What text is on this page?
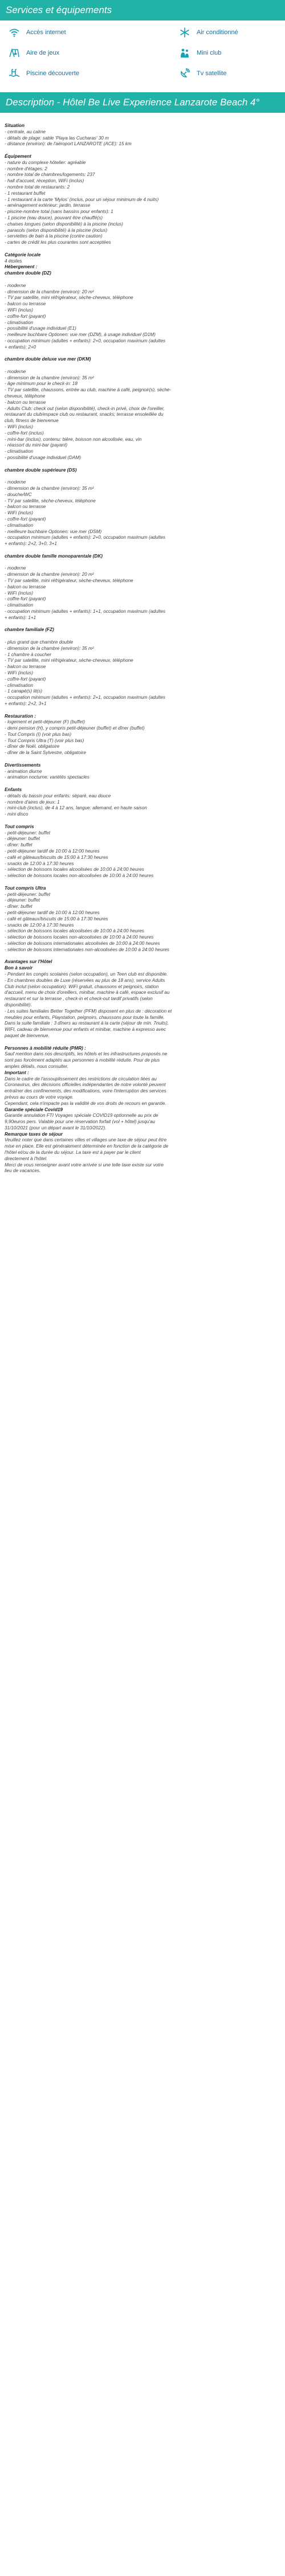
Services et équipements
Accès internet	Air conditionné
Aire de jeux	Mini club
Piscine découverte	Tv satellite
Description - Hôtel Be Live Experience Lanzarote Beach 4°
Situation
- centrale, au calme
- détails de plage: sable 'Playa las Cucharas' 30 m
- distance (environ): de l'aéroport LANZAROTE (ACE): 15 km
Équipement
- nature du complexe hôtelier: agréable
- nombre d'étages: 2
- nombre total de chambres/logements: 237
- hall d'accueil, réception, WiFi (inclus)
- nombre total de restaurants: 2
- 1 restaurant buffet
- 1 restaurant à la carte 'Mylos' (inclus, pour un séjour minimum de 4 nuits)
- aménagement extérieur: jardin, terrasse
- piscine-nombre total (sans bassins pour enfants): 1
- 1 piscine (eau douce), pouvant être chauffé(s)
- chaises longues (selon disponibilité) à la piscine (inclus)
- parasols (selon disponibilité) à la piscine (inclus)
- serviettes de bain à la piscine (contre caution)
- cartes de crédit les plus courantes sont acceptées
Catégorie locale
4 étoiles
Hébergement :
chambre double (DZ)
- moderne
- dimension de la chambre (environ): 20 m²
- TV par satellite, mini réfrigérateur, sèche-cheveux, téléphone
- balcon ou terrasse
- WiFi (inclus)
- coffre-fort (payant)
- climatisation
- possibilité d'usage individuel (E1)
- meilleure buchbare Optionen: vue mer (DZM), à usage individuel (D1M)
- occupation minimum (adultes + enfants): 2+0, occupation maximum (adultes
+ enfants): 2+0
chambre double deluxe vue mer (DKM)
- moderne
- dimension de la chambre (environ): 35 m²
- âge minimum pour le check-in: 18
- TV par satellite, chaussons, entrée au club, machine à café, peignoir(s), sèche-
cheveux, téléphone
- balcon ou terrasse
- Adults Club: check out (selon disponibilité), check-in privé, choix de l'oreiller,
restaurant du club/espace club ou restaurant, snacks; terrasse ensoleillée du
club, fitness de bienvenue
- WiFi (inclus)
- coffre-fort (inclus)
- mini-bar (inclus), contenu: bière, boisson non alcoolisée, eau, vin
- réassort du mini-bar (payant)
- climatisation
- possibilité d'usage individuel (DAM)
chambre double supérieure (DS)
- moderne
- dimension de la chambre (environ): 35 m²
- douche/WC
- TV par satellite, sèche-cheveux, téléphone
- balcon ou terrasse
- WiFi (inclus)
- coffre-fort (payant)
- climatisation
- meilleure buchbare Optionen: vue mer (DSM)
- occupation minimum (adultes + enfants): 2+0, occupation maximum (adultes
+ enfants): 2+2, 3+0, 3+1
chambre double famille monoparentale (DK)
- moderne
- dimension de la chambre (environ): 20 m²
- TV par satellite, mini réfrigérateur, sèche-cheveux, téléphone
- balcon ou terrasse
- WiFi (inclus)
- coffre-fort (payant)
- climatisation
- occupation minimum (adultes + enfants): 1+1, occupation maximum (adultes
+ enfants): 1+1
chambre familiale (FZ)
- plus grand que chambre double
- dimension de la chambre (environ): 35 m²
- 1 chambre à coucher
- TV par satellite, mini réfrigérateur, sèche-cheveux, téléphone
- balcon ou terrasse
- WiFi (inclus)
- coffre-fort (payant)
- climatisation
- 1 canapé(s) lit(s)
- occupation minimum (adultes + enfants): 2+1, occupation maximum (adultes
+ enfants): 2+2, 3+1
Restauration :
- logement et petit-déjeuner (F) (buffet)
- demi pension (H), y compris petit-déjeuner (buffet) et dîner (buffet)
- Tout Compris (I) (voir plus bas)
- Tout Compris Ultra (T) (voir plus bas)
- dîner de Noël, obligatoire
- dîner de la Saint Sylvestre, obligatoire
Divertissements
- animation diurne
- animation nocturne: variétés spectacles
Enfants
- détails du bassin pour enfants: séparé, eau douce
- nombre d'aires de jeux: 1
- mini-club (inclus), de 4 à 12 ans, langue: allemand, en haute saison
- mini disco
Tout compris
- petit-déjeuner: buffet
- déjeuner: buffet
- dîner: buffet
- petit-déjeuner tardif de 10:00 à 12:00 heures
- café et gâteaux/biscuits de 15:00 à 17:30 heures
- snacks de 12:00 à 17:30 heures
- sélection de boissons locales alcoolisées de 10:00 à 24:00 heures
- sélection de boissons locales non-alcoolisées de 10:00 à 24:00 heures
Tout compris Ultra
- petit-déjeuner: buffet
- déjeuner: buffet
- dîner: buffet
- petit-déjeuner tardif de 10:00 à 12:00 heures
- café et gâteaux/biscuits de 15:00 à 17:30 heures
- snacks de 12:00 à 17:30 heures
- sélection de boissons locales alcoolisées de 10:00 à 24:00 heures
- sélection de boissons locales non-alcoolisées de 10:00 à 24:00 heures
- sélection de boissons internationales alcoolisées de 10:00 à 24:00 heures
- sélection de boissons internationales non-alcoolisées de 10:00 à 24:00 heures
Avantages sur l'Hôtel
Bon à savoir
- Pendant les congés scolaires (selon occupation), un Teen club est disponible.
- En chambres doubles de Luxe (réservées au plus de 18 ans), service Adults
Club inclut (selon occupation): WiFi gratuit, chaussons et peignoirs, station
d'accueil, menu de choix d'oreillers, minibar, machine à café, espace exclusif au
restaurant et sur la terrasse , check-in et check-out tardif privatifs (selon
disponibilité).
- Les suites familiales Better Together (PFM) disposent en plus de : décoration et
meubles pour enfants, Playstation, peignoirs, chaussons pour toute la famille.
Dans la suite familiale : 3 dîners au restaurant à la carte (séjour de min. 7nuits),
WIFI, cadeau de bienvenue pour enfants et minibar, machine à expresso avec
paquet de bienvenue.
Personnes à mobilité réduite (PMR) :
Sauf mention dans nos descriptifs, les hôtels et les infrastructures proposés ne
sont pas forcément adaptés aux personnes à mobilité réduite. Pour de plus
amples détails, nous consulter.
Important :
Dans le cadre de l'assouplissement des restrictions de circulation liées au
Coronavirus, des décisions officielles indépendantes de notre volonté peuvent
entraîner des confinements, des modifications, voire l'interruption des services
prévus au cours de votre voyage.
Cependant, cela n'impacte pas la validité de vos droits de recours en garantie.
Garantie spéciale Covid19
Garantie annulation FTI Voyages spéciale COVID19 optionnelle au prix de
9,90euros pers. Valable pour une réservation forfait (vol + hôtel) jusqu'au
31/10/2021 (pour un départ avant le 31/10/2022).
Remarque taxes de séjour
Veuillez noter que dans certaines villes et villages une taxe de séjour peut être
mise en place. Elle est généralement déterminée en fonction de la catégorie de
l'hôtel et/ou de la durée du séjour. La taxe est à payer par le client
directement à l'hôtel.
Merci de vous renseigner avant votre arrivée si une telle taxe existe sur votre
lieu de vacances.
